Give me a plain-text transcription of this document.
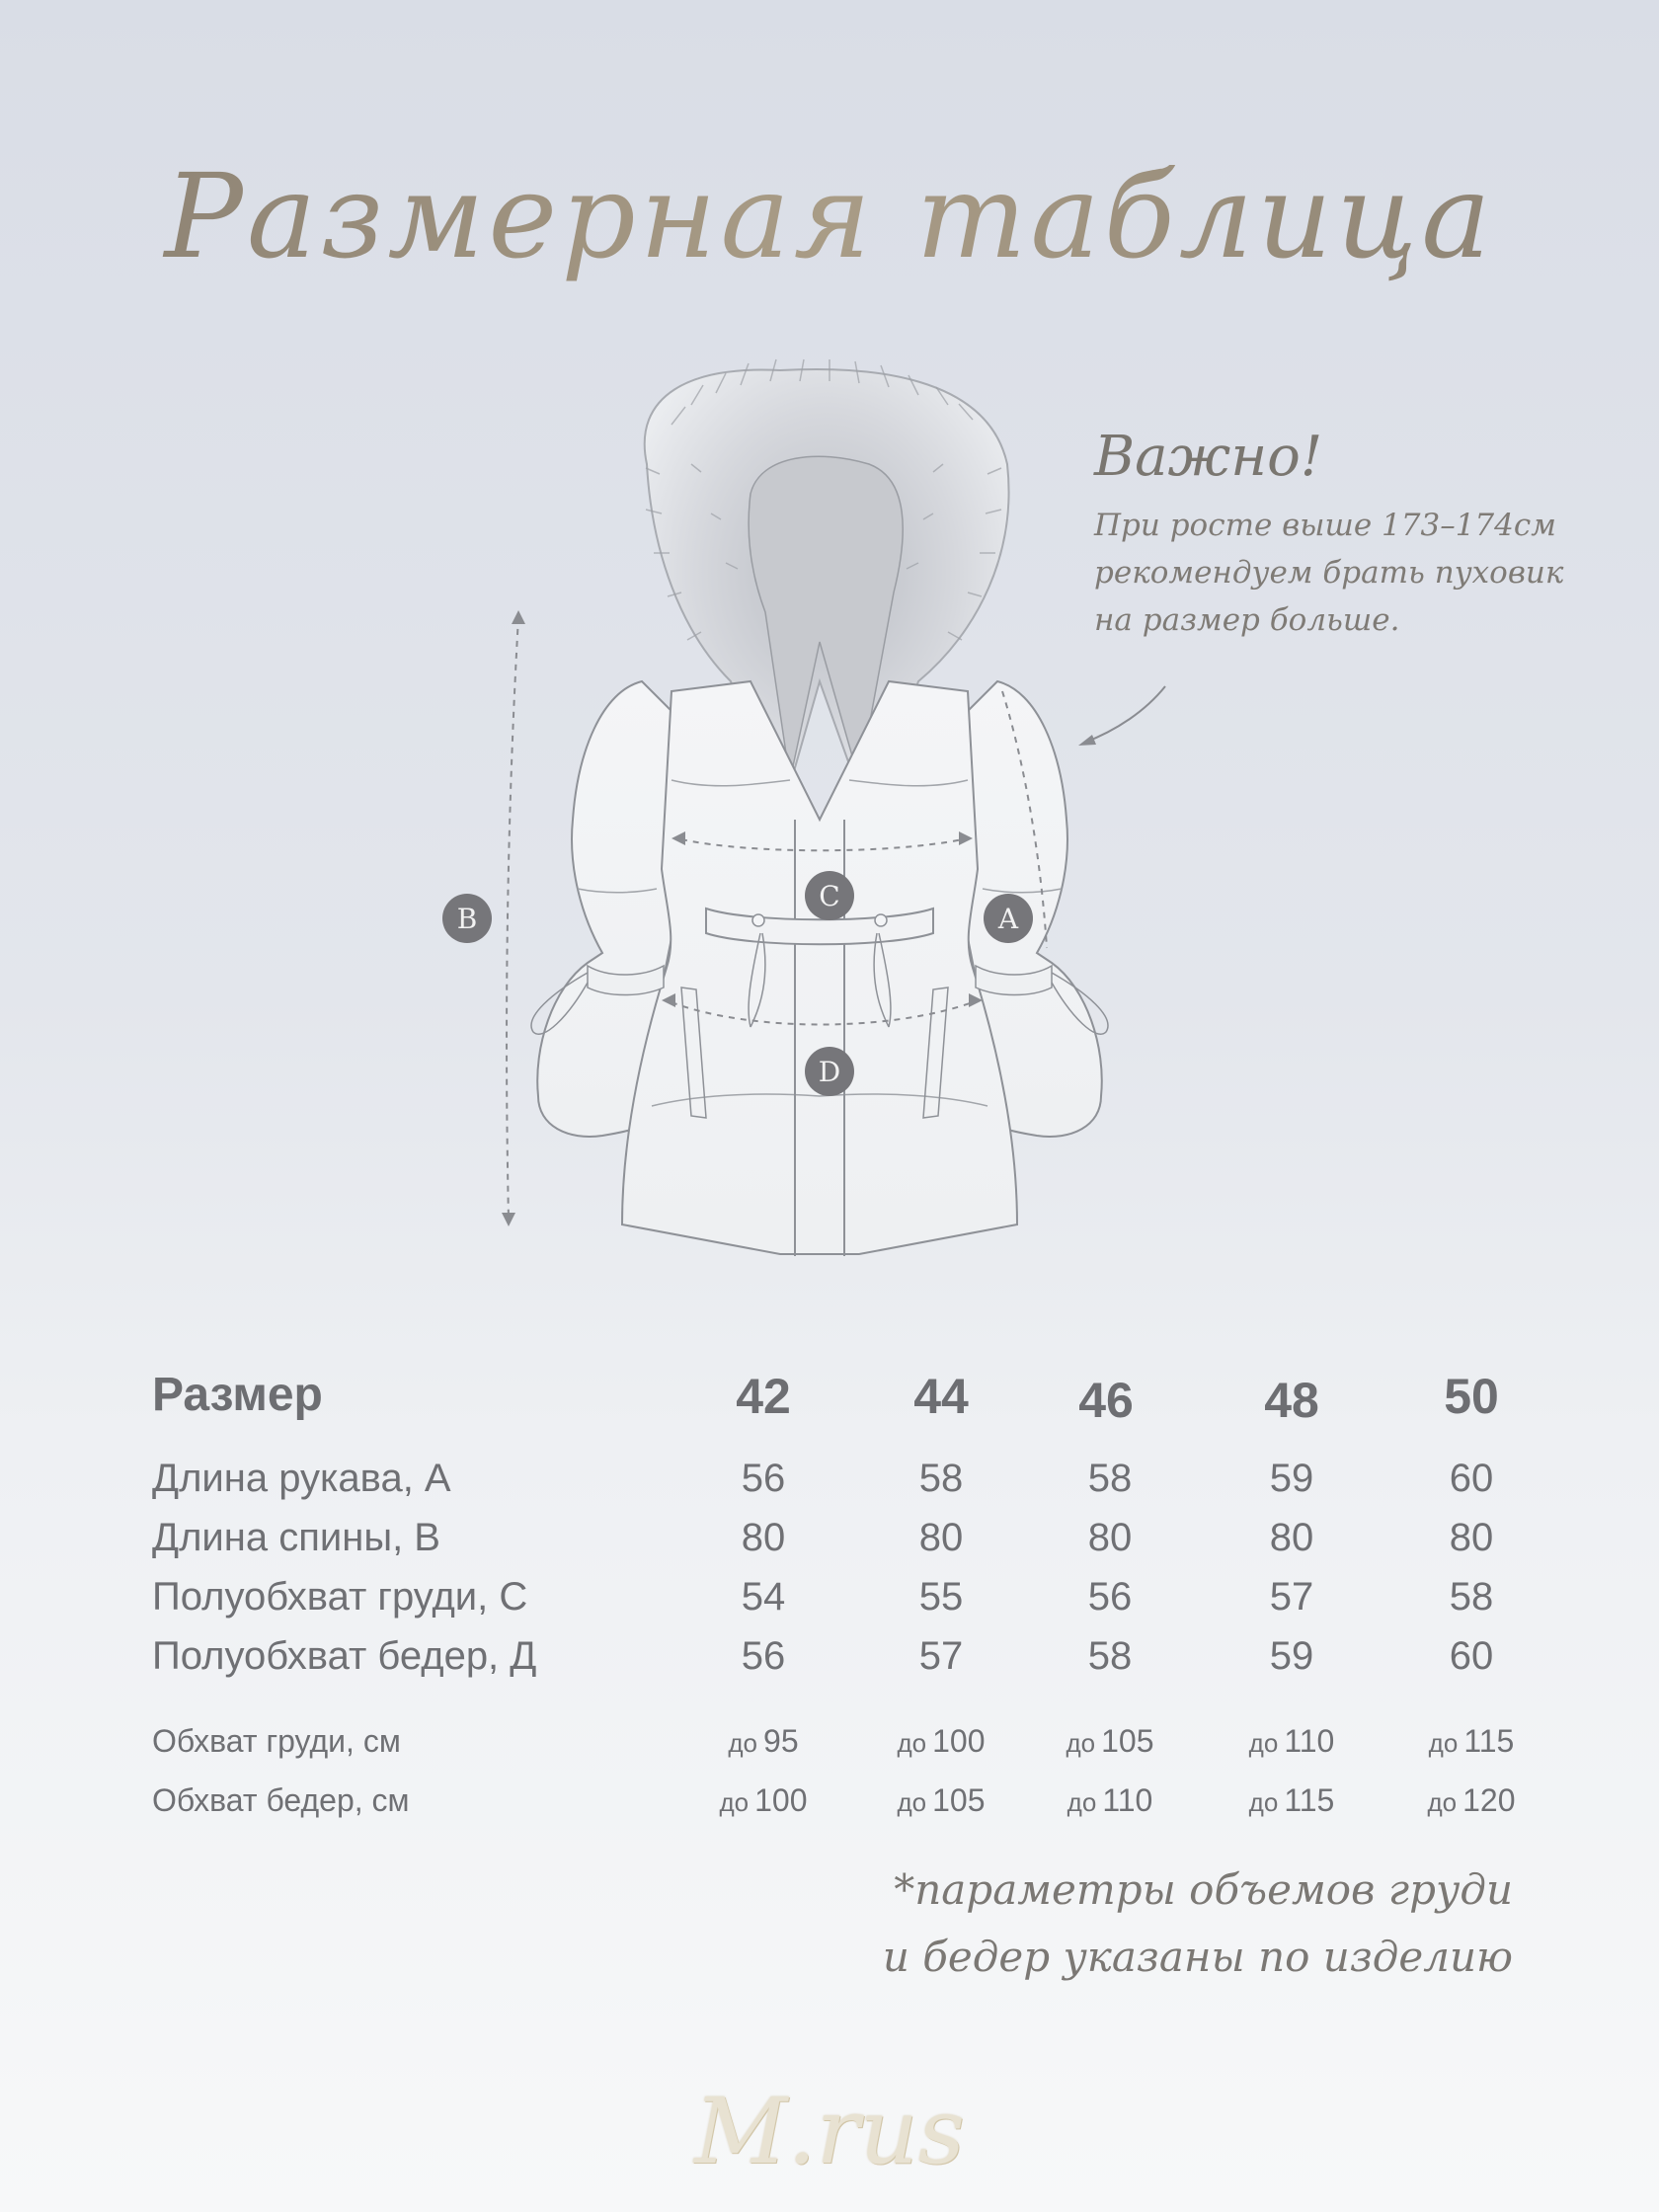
Размерная таблица
B
C
A
D
Важно!
При росте выше 173–174см
рекомендуем брать пуховик
на размер больше.
Размер	42	44	46	48	50
Длина рукава, А	56	58	58	59	60
Длина спины, В	80	80	80	80	80
Полуобхват груди, С	54	55	56	57	58
Полуобхват бедер, Д	56	57	58	59	60
Обхват груди, см	до 95	до 100	до 105	до 110	до 115
Обхват бедер, см	до 100	до 105	до 110	до 115	до 120
*параметры объемов груди
и бедер указаны по изделию
M.rus
